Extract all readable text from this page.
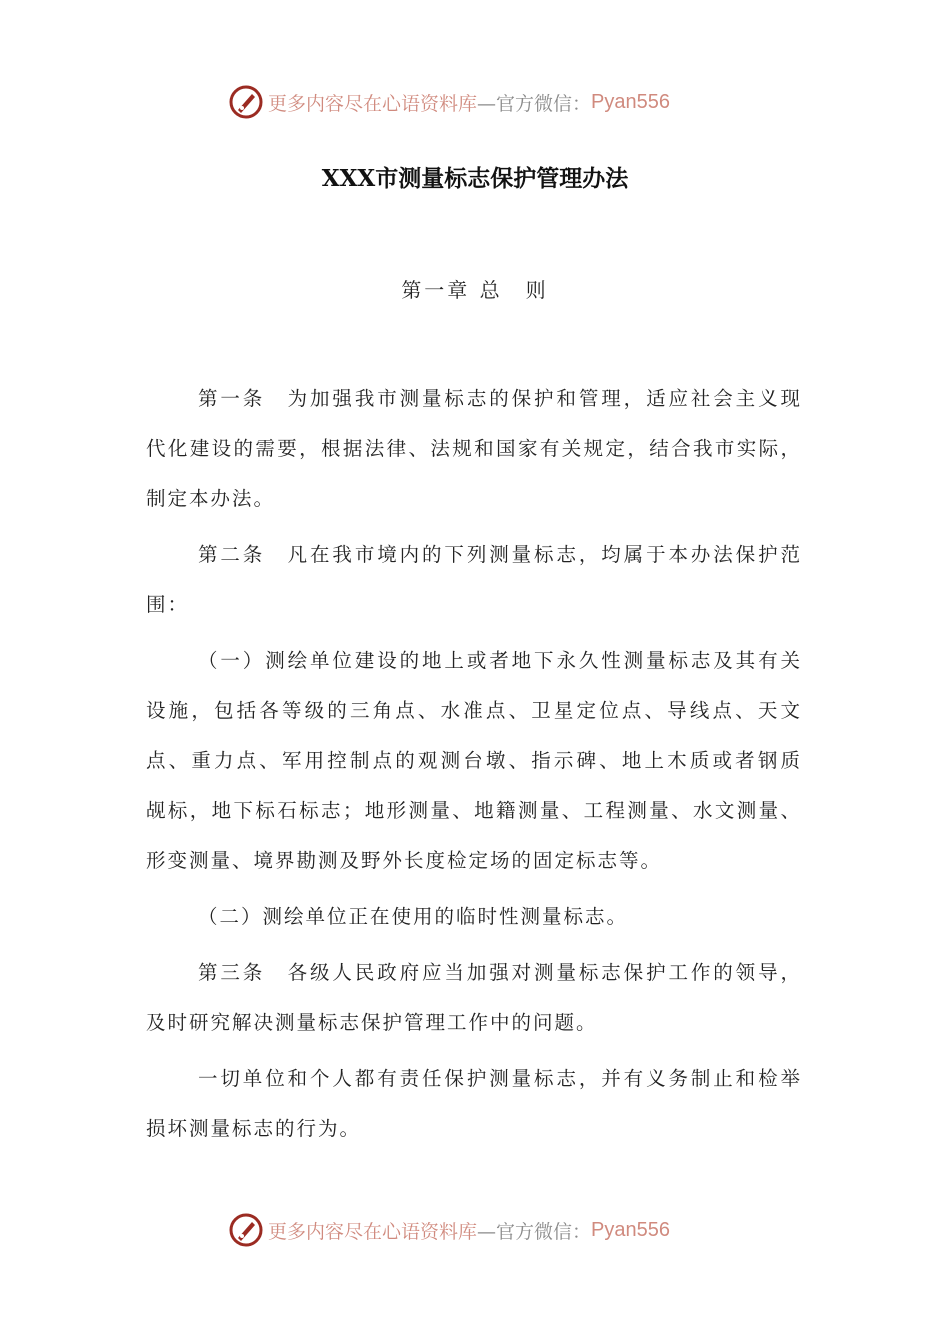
更多内容尽在心语资料库 —官方微信： Pyan556
XXX市测量标志保护管理办法
第一章 总　则
第一条　为加强我市测量标志的保护和管理，适应社会主义现
代化建设的需要，根据法律、法规和国家有关规定，结合我市实际，
制定本办法。
第二条　凡在我市境内的下列测量标志，均属于本办法保护范
围：
（一）测绘单位建设的地上或者地下永久性测量标志及其有关
设施，包括各等级的三角点、水准点、卫星定位点、导线点、天文
点、重力点、军用控制点的观测台墩、指示碑、地上木质或者钢质
觇标，地下标石标志；地形测量、地籍测量、工程测量、水文测量、
形变测量、境界勘测及野外长度检定场的固定标志等。
（二）测绘单位正在使用的临时性测量标志。
第三条　各级人民政府应当加强对测量标志保护工作的领导，
及时研究解决测量标志保护管理工作中的问题。
一切单位和个人都有责任保护测量标志，并有义务制止和检举
损坏测量标志的行为。
更多内容尽在心语资料库 —官方微信： Pyan556
